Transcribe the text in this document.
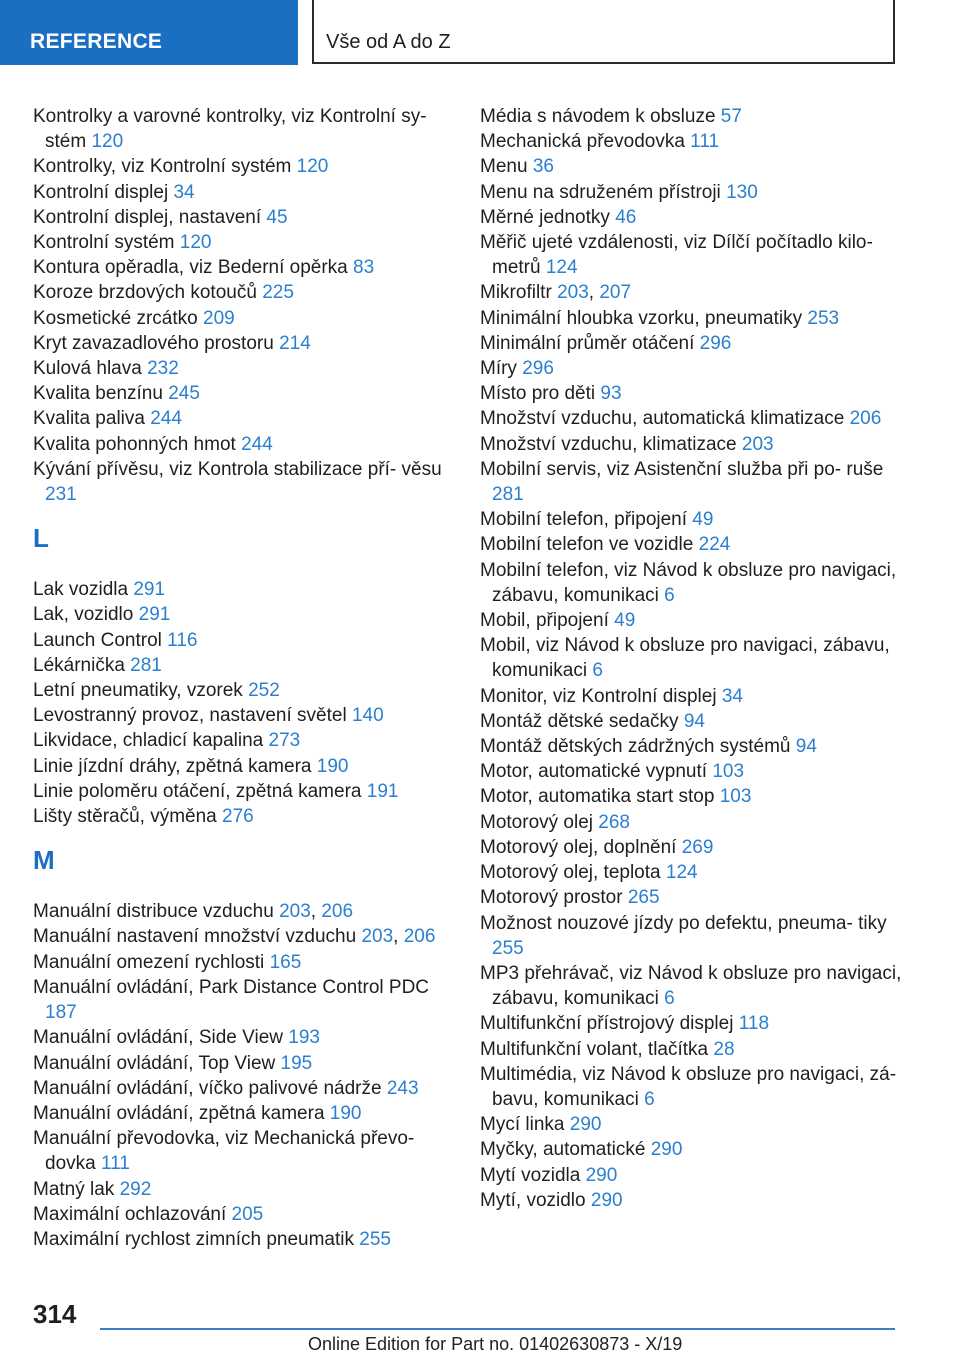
REFERENCE	Vše od A do Z
Kontrolky a varovné kontrolky, viz Kontrolní sy- stém 120
Kontrolky, viz Kontrolní systém 120
Kontrolní displej 34
Kontrolní displej, nastavení 45
Kontrolní systém 120
Kontura opěradla, viz Bederní opěrka 83
Koroze brzdových kotoučů 225
Kosmetické zrcátko 209
Kryt zavazadlového prostoru 214
Kulová hlava 232
Kvalita benzínu 245
Kvalita paliva 244
Kvalita pohonných hmot 244
Kývání přívěsu, viz Kontrola stabilizace pří- věsu 231
L
Lak vozidla 291
Lak, vozidlo 291
Launch Control 116
Lékárnička 281
Letní pneumatiky, vzorek 252
Levostranný provoz, nastavení světel 140
Likvidace, chladicí kapalina 273
Linie jízdní dráhy, zpětná kamera 190
Linie poloměru otáčení, zpětná kamera 191
Lišty stěračů, výměna 276
M
Manuální distribuce vzduchu 203, 206
Manuální nastavení množství vzduchu 203, 206
Manuální omezení rychlosti 165
Manuální ovládání, Park Distance Control PDC 187
Manuální ovládání, Side View 193
Manuální ovládání, Top View 195
Manuální ovládání, víčko palivové nádrže 243
Manuální ovládání, zpětná kamera 190
Manuální převodovka, viz Mechanická převo- dovka 111
Matný lak 292
Maximální ochlazování 205
Maximální rychlost zimních pneumatik 255
Média s návodem k obsluze 57
Mechanická převodovka 111
Menu 36
Menu na sdruženém přístroji 130
Měrné jednotky 46
Měřič ujeté vzdálenosti, viz Dílčí počítadlo kilo- metrů 124
Mikrofiltr 203, 207
Minimální hloubka vzorku, pneumatiky 253
Minimální průměr otáčení 296
Míry 296
Místo pro děti 93
Množství vzduchu, automatická klimatizace 206
Množství vzduchu, klimatizace 203
Mobilní servis, viz Asistenční služba při po- ruše 281
Mobilní telefon, připojení 49
Mobilní telefon ve vozidle 224
Mobilní telefon, viz Návod k obsluze pro navigaci, zábavu, komunikaci 6
Mobil, připojení 49
Mobil, viz Návod k obsluze pro navigaci, zábavu, komunikaci 6
Monitor, viz Kontrolní displej 34
Montáž dětské sedačky 94
Montáž dětských zádržných systémů 94
Motor, automatické vypnutí 103
Motor, automatika start stop 103
Motorový olej 268
Motorový olej, doplnění 269
Motorový olej, teplota 124
Motorový prostor 265
Možnost nouzové jízdy po defektu, pneuma- tiky 255
MP3 přehrávač, viz Návod k obsluze pro navigaci, zábavu, komunikaci 6
Multifunkční přístrojový displej 118
Multifunkční volant, tlačítka 28
Multimédia, viz Návod k obsluze pro navigaci, zá- bavu, komunikaci 6
Mycí linka 290
Myčky, automatické 290
Mytí vozidla 290
Mytí, vozidlo 290
314
Online Edition for Part no. 01402630873 - X/19
